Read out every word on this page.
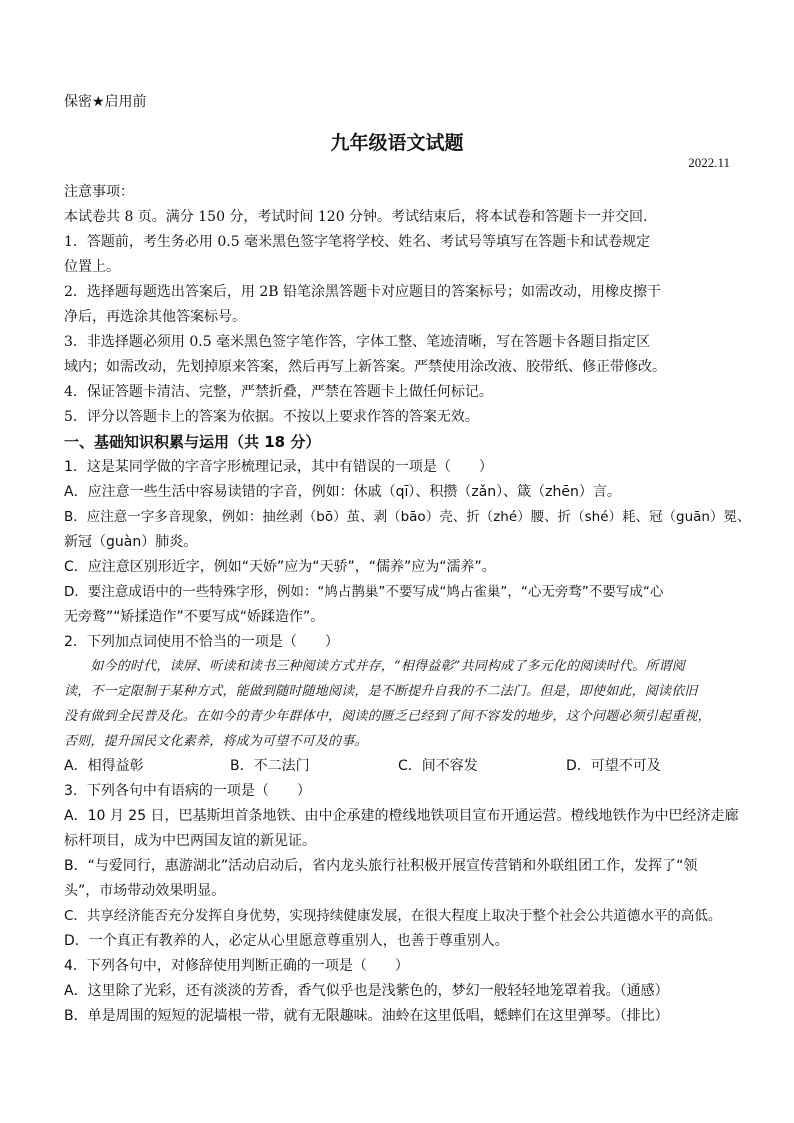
保密★启用前
九年级语文试题
2022.11
注意事项：
本试卷共 8 页。满分 150 分，考试时间 120 分钟。考试结束后，将本试卷和答题卡一并交回.
1．答题前，考生务必用 0.5 毫米黑色签字笔将学校、姓名、考试号等填写在答题卡和试卷规定
位置上。
2．选择题每题选出答案后，用 2B 铅笔涂黑答题卡对应题目的答案标号；如需改动，用橡皮擦干
净后，再选涂其他答案标号。
3．非选择题必须用 0.5 毫米黑色签字笔作答，字体工整、笔迹清晰，写在答题卡各题目指定区
域内；如需改动，先划掉原来答案，然后再写上新答案。严禁使用涂改液、胶带纸、修正带修改。
4．保证答题卡清洁、完整，严禁折叠，严禁在答题卡上做任何标记。
5．评分以答题卡上的答案为依据。不按以上要求作答的答案无效。
一、基础知识积累与运用（共 18 分）
1．这是某同学做的字音字形梳理记录，其中有错误的一项是（　　）
A．应注意一些生活中容易读错的字音，例如：休戚（qī）、积攒（zǎn）、箴（zhēn）言。
B．应注意一字多音现象，例如：抽丝剥（bō）茧、剥（bāo）壳、折（zhé）腰、折（shé）耗、冠（guān）冕、
新冠（guàn）肺炎。
C．应注意区别形近字，例如“天娇”应为“天骄”，“儒养”应为“濡养”。
D．要注意成语中的一些特殊字形，例如：“鸠占鹊巢”不要写成“鸠占雀巢”，“心无旁骛”不要写成“心
无旁鹜”“矫揉造作”不要写成“娇蹂造作”。
2．下列加点词使用不恰当的一项是（　　）
　　如今的时代，读屏、听读和读书三种阅读方式并存，“相得益彰”共同构成了多元化的阅读时代。所谓阅
读，不一定限制于某种方式，能做到随时随地阅读，是不断提升自我的不二法门。但是，即使如此，阅读依旧
没有做到全民普及化。在如今的青少年群体中，阅读的匮乏已经到了间不容发的地步，这个问题必须引起重视，
否则，提升国民文化素养，将成为可望不可及的事。
A．相得益彰	B．不二法门	C．间不容发	D．可望不可及
3．下列各句中有语病的一项是（　　）
A．10 月 25 日，巴基斯坦首条地铁、由中企承建的橙线地铁项目宣布开通运营。橙线地铁作为中巴经济走廊
标杆项目，成为中巴两国友谊的新见证。
B．“与爱同行，惠游湖北”活动启动后，省内龙头旅行社积极开展宣传营销和外联组团工作，发挥了“领
头”，市场带动效果明显。
C．共享经济能否充分发挥自身优势，实现持续健康发展，在很大程度上取决于整个社会公共道德水平的高低。
D．一个真正有教养的人，必定从心里愿意尊重别人，也善于尊重别人。
4．下列各句中，对修辞使用判断正确的一项是（　　）
A．这里除了光彩，还有淡淡的芳香，香气似乎也是浅紫色的，梦幻一般轻轻地笼罩着我。（通感）
B．单是周围的短短的泥墙根一带，就有无限趣味。油蛉在这里低唱，蟋蟀们在这里弹琴。（排比）
